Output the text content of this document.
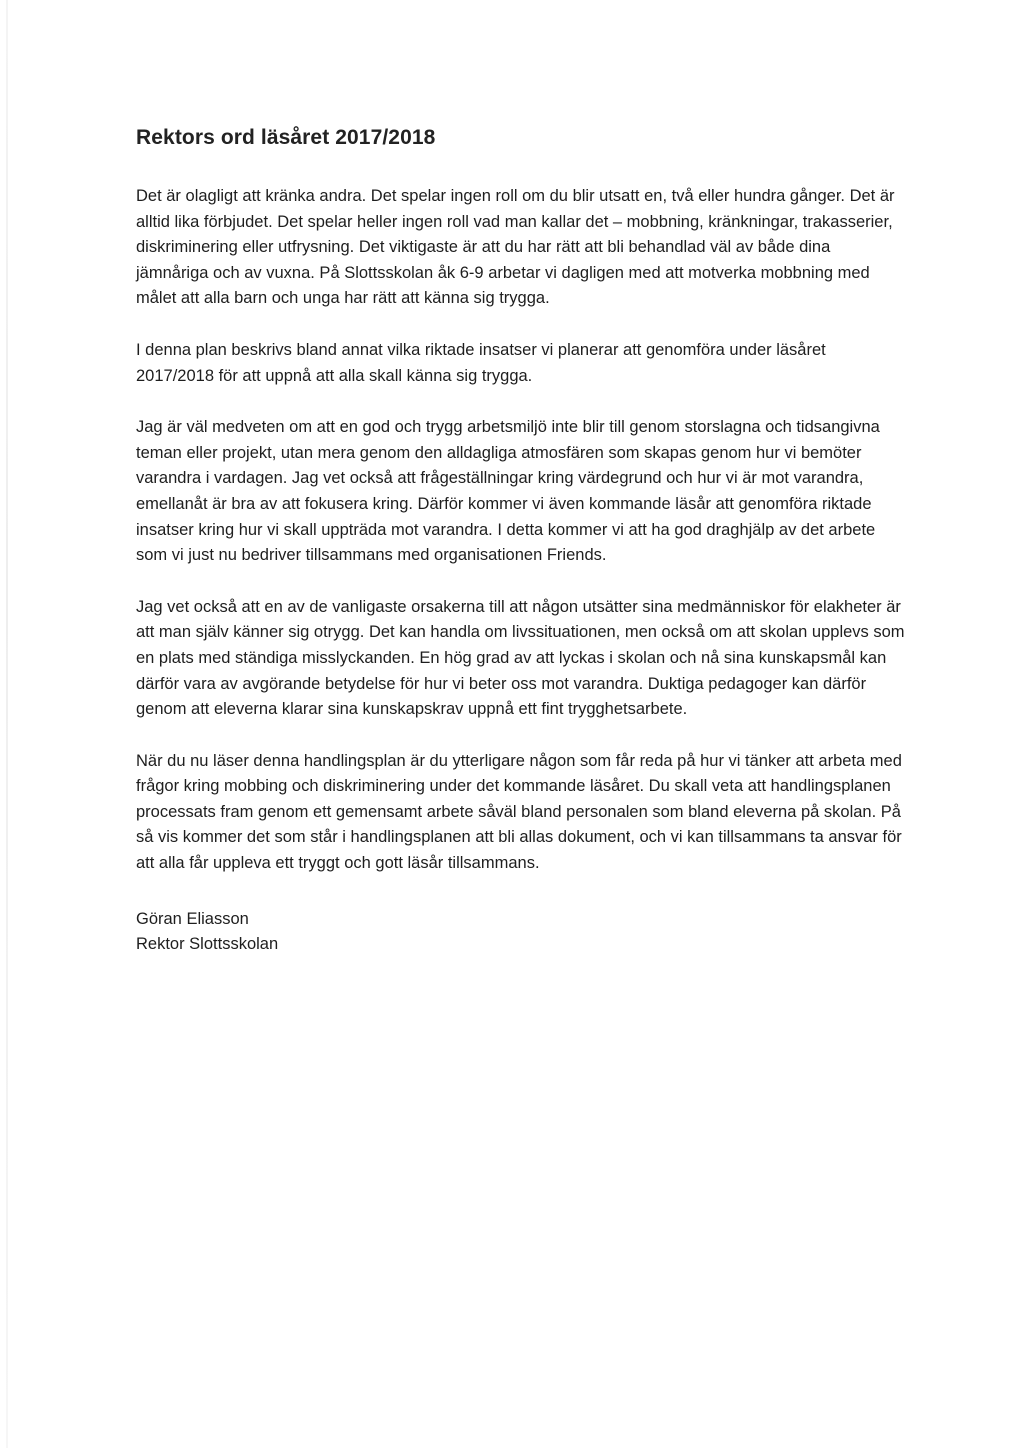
Rektors ord läsåret 2017/2018

Det är olagligt att kränka andra. Det spelar ingen roll om du blir utsatt en, två eller hundra gånger. Det är alltid lika förbjudet. Det spelar heller ingen roll vad man kallar det – mobbning, kränkningar, trakasserier, diskriminering eller utfrysning. Det viktigaste är att du har rätt att bli behandlad väl av både dina jämnåriga och av vuxna. På Slottsskolan åk 6-9 arbetar vi dagligen med att motverka mobbning med målet att alla barn och unga har rätt att känna sig trygga.

I denna plan beskrivs bland annat vilka riktade insatser vi planerar att genomföra under läsåret 2017/2018 för att uppnå att alla skall känna sig trygga.

Jag är väl medveten om att en god och trygg arbetsmiljö inte blir till genom storslagna och tidsangivna teman eller projekt, utan mera genom den alldagliga atmosfären som skapas genom hur vi bemöter varandra i vardagen. Jag vet också att frågeställningar kring värdegrund och hur vi är mot varandra, emellanåt är bra av att fokusera kring. Därför kommer vi även kommande läsår att genomföra riktade insatser kring hur vi skall uppträda mot varandra. I detta kommer vi att ha god draghjälp av det arbete som vi just nu bedriver tillsammans med organisationen Friends.

Jag vet också att en av de vanligaste orsakerna till att någon utsätter sina medmänniskor för elakheter är att man själv känner sig otrygg. Det kan handla om livssituationen, men också om att skolan upplevs som en plats med ständiga misslyckanden. En hög grad av att lyckas i skolan och nå sina kunskapsmål kan därför vara av avgörande betydelse för hur vi beter oss mot varandra. Duktiga pedagoger kan därför genom att eleverna klarar sina kunskapskrav uppnå ett fint trygghetsarbete.

När du nu läser denna handlingsplan är du ytterligare någon som får reda på hur vi tänker att arbeta med frågor kring mobbing och diskriminering under det kommande läsåret. Du skall veta att handlingsplanen processats fram genom ett gemensamt arbete såväl bland personalen som bland eleverna på skolan. På så vis kommer det som står i handlingsplanen att bli allas dokument, och vi kan tillsammans ta ansvar för att alla får uppleva ett tryggt och gott läsår tillsammans.

Göran Eliasson
Rektor Slottsskolan
